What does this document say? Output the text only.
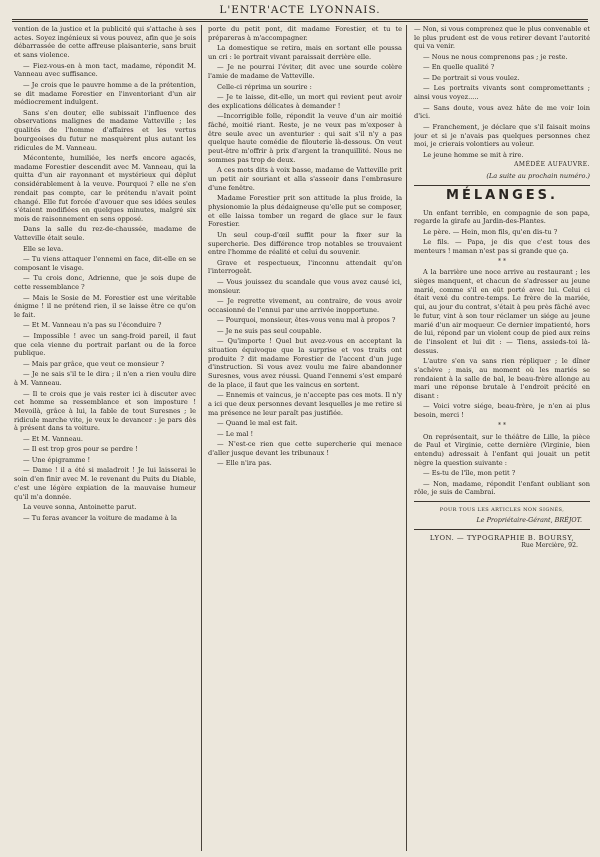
L'ENTR'ACTE LYONNAIS.

vention de la justice et la publicité qui s'attache à ses actes. Soyez ingénieux si vous pouvez, afin que je sois débarrassée de cette affreuse plaisanterie, sans bruit et sans violence.

— Fiez-vous-en à mon tact, madame, répondit M. Vanneau avec suffisance.

— Je crois que le pauvre homme a de la prétention, se dit madame Forestier en l'inventoriant d'un air médiocrement indulgent.

Sans s'en douter, elle subissait l'influence des observations malignes de madame Vatteville ; les qualités de l'homme d'affaires et les vertus bourgeoises du futur ne masquèrent plus autant les ridicules de M. Vanneau.

Mécontente, humiliée, les nerfs encore agacés, madame Forestier descendit avec M. Vanneau, qui la quitta d'un air rayonnant et mystérieux qui déplut considérablement à la veuve. Pourquoi ? elle ne s'en rendait pas compte, car le prétendu n'avait point changé. Elle fut forcée d'avouer que ses idées seules s'étaient modifiées en quelques minutes, malgré six mois de raisonnement en sens opposé.

Dans la salle du rez-de-chaussée, madame de Vatteville était seule.

Elle se leva.

— Tu viens attaquer l'ennemi en face, dit-elle en se composant le visage.

— Tu crois donc, Adrienne, que je sois dupe de cette ressemblance ?

— Mais le Sosie de M. Forestier est une véritable énigme ! il ne prétend rien, il se laisse être ce qu'on le fait.

— Et M. Vanneau n'a pas su l'éconduire ?

— Impossible ! avec un sang-froid pareil, il faut que cela vienne du portrait parlant ou de la force publique.

— Mais par grâce, que veut ce monsieur ?

— Je ne sais s'il te le dira ; il n'en a rien voulu dire à M. Vanneau.

— Il te crois que je vais rester ici à discuter avec cet homme sa ressemblance et son imposture ! Mevoilà, grâce à lui, la fable de tout Suresnes ; le ridicule marche vite, je veux le devancer : je pars dès à présent dans ta voiture.

— Et M. Vanneau.

— Il est trop gros pour se perdre !

— Une épigramme !

— Dame ! il a été si maladroit ! Je lui laisserai le soin d'en finir avec M. le revenant du Puits du Diable, c'est une légère expiation de la mauvaise humeur qu'il m'a donnée.

La veuve sonna, Antoinette parut.

— Tu feras avancer la voiture de madame à la

porte du petit pont, dit madame Forestier, et tu te prépareras à m'accompagner.

La domestique se retira, mais en sortant elle poussa un cri : le portrait vivant paraissait derrière elle.

— Je ne pourrai l'éviter, dit avec une sourde colère l'amie de madame de Vatteville.

Celle-ci réprima un sourire :

— Je te laisse, dit-elle, un mort qui revient peut avoir des explications délicates à demander !

—Incorrigible folle, répondit la veuve d'un air moitié fâché, moitié riant. Reste, je ne veux pas m'exposer à être seule avec un aventurier : qui sait s'il n'y a pas quelque haute comédie de filouterie là-dessous. On veut peut-être m'offrir à prix d'argent la tranquillité. Nous ne sommes pas trop de deux.

A ces mots dits à voix basse, madame de Vatteville prit un petit air souriant et alla s'asseoir dans l'embrasure d'une fenêtre.

Madame Forestier prit son attitude la plus froide, la physionomie la plus dédaigneuse qu'elle put se composer, et elle laissa tomber un regard de glace sur le faux Forestier.

Un seul coup-d'œil suffit pour la fixer sur la supercherie. Des différence trop notables se trouvaient entre l'homme de réalité et celui du souvenir.

Grave et respectueux, l'inconnu attendait qu'on l'interrogeât.

— Vous jouissez du scandale que vous avez causé ici, monsieur.

— Je regrette vivement, au contraire, de vous avoir occasionné de l'ennui par une arrivée inopportune.

— Pourquoi, monsieur, êtes-vous venu mal à propos ?

— Je ne suis pas seul coupable.

— Qu'importe ! Quel but avez-vous en acceptant la situation équivoque que la surprise et vos traits ont produite ? dit madame Forestier de l'accent d'un juge d'instruction. Si vous avez voulu me faire abandonner Suresnes, vous avez réussi. Quand l'ennemi s'est emparé de la place, il faut que les vaincus en sortent.

— Ennemis et vaincus, je n'accepte pas ces mots. Il n'y a ici que deux personnes devant lesquelles je me retire si ma présence ne leur paraît pas justifiée.

— Quand le mal est fait.

— Le mal !

— N'est-ce rien que cette supercherie qui menace d'aller jusque devant les tribunaux !

— Elle n'ira pas.

— Non, si vous comprenez que le plus convenable et le plus prudent est de vous retirer devant l'autorité qui va venir.

— Nous ne nous comprenons pas ; je reste.

— En quelle qualité ?

— De portrait si vous voulez.

— Les portraits vivants sont compromettants ; ainsi vous voyez.....

— Sans doute, vous avez hâte de me voir loin d'ici.

— Franchement, je déclare que s'il faisait moins jour et si je n'avais pas quelques personnes chez moi, je crierais volontiers au voleur.

Le jeune homme se mit à rire.

AMÉDÉE AUFAUVRE.
(La suite au prochain numéro.)
MÉLANGES.

Un enfant terrible, en compagnie de son papa, regarde la girafe au Jardin-des-Plantes.

Le père. — Hein, mon fils, qu'en dis-tu ?

Le fils. — Papa, je dis que c'est tous des menteurs ! maman n'est pas si grande que ça.

* *

A la barrière une noce arrive au restaurant ; les sièges manquent, et chacun de s'adresser au jeune marié, comme s'il en eût porté avec lui. Celui ci était vexé du contre-temps. Le frère de la mariée, qui, au jour du contrat, s'était à peu près fâché avec le futur, vint à son tour réclamer un siége au jeune marié d'un air moqueur. Ce dernier impatienté, hors de lui, répond par un violent coup de pied aux reins de l'insolent et lui dit : — Tiens, assieds-toi là-dessus.

L'autre s'en va sans rien répliquer ; le dîner s'achève ; mais, au moment où les mariés se rendaient à la salle de bal, le beau-frère allonge au mari une réponse brutale à l'endroit précité en disant :

— Voici votre siége, beau-frère, je n'en ai plus besoin, merci !

* *

On représentait, sur le théâtre de Lille, la pièce de Paul et Virginie, cette dernière (Virginie, bien entendu) adressait à l'enfant qui jouait un petit nègre la question suivante :

— Es-tu de l'île, mon petit ?

— Non, madame, répondit l'enfant oubliant son rôle, je suis de Cambrai.

POUR TOUS LES ARTICLES NON SIGNÉS,
Le Propriétaire-Gérant, BRÉJOT.
LYON. — TYPOGRAPHIE B. BOURSY,
Rue Mercière, 92.
